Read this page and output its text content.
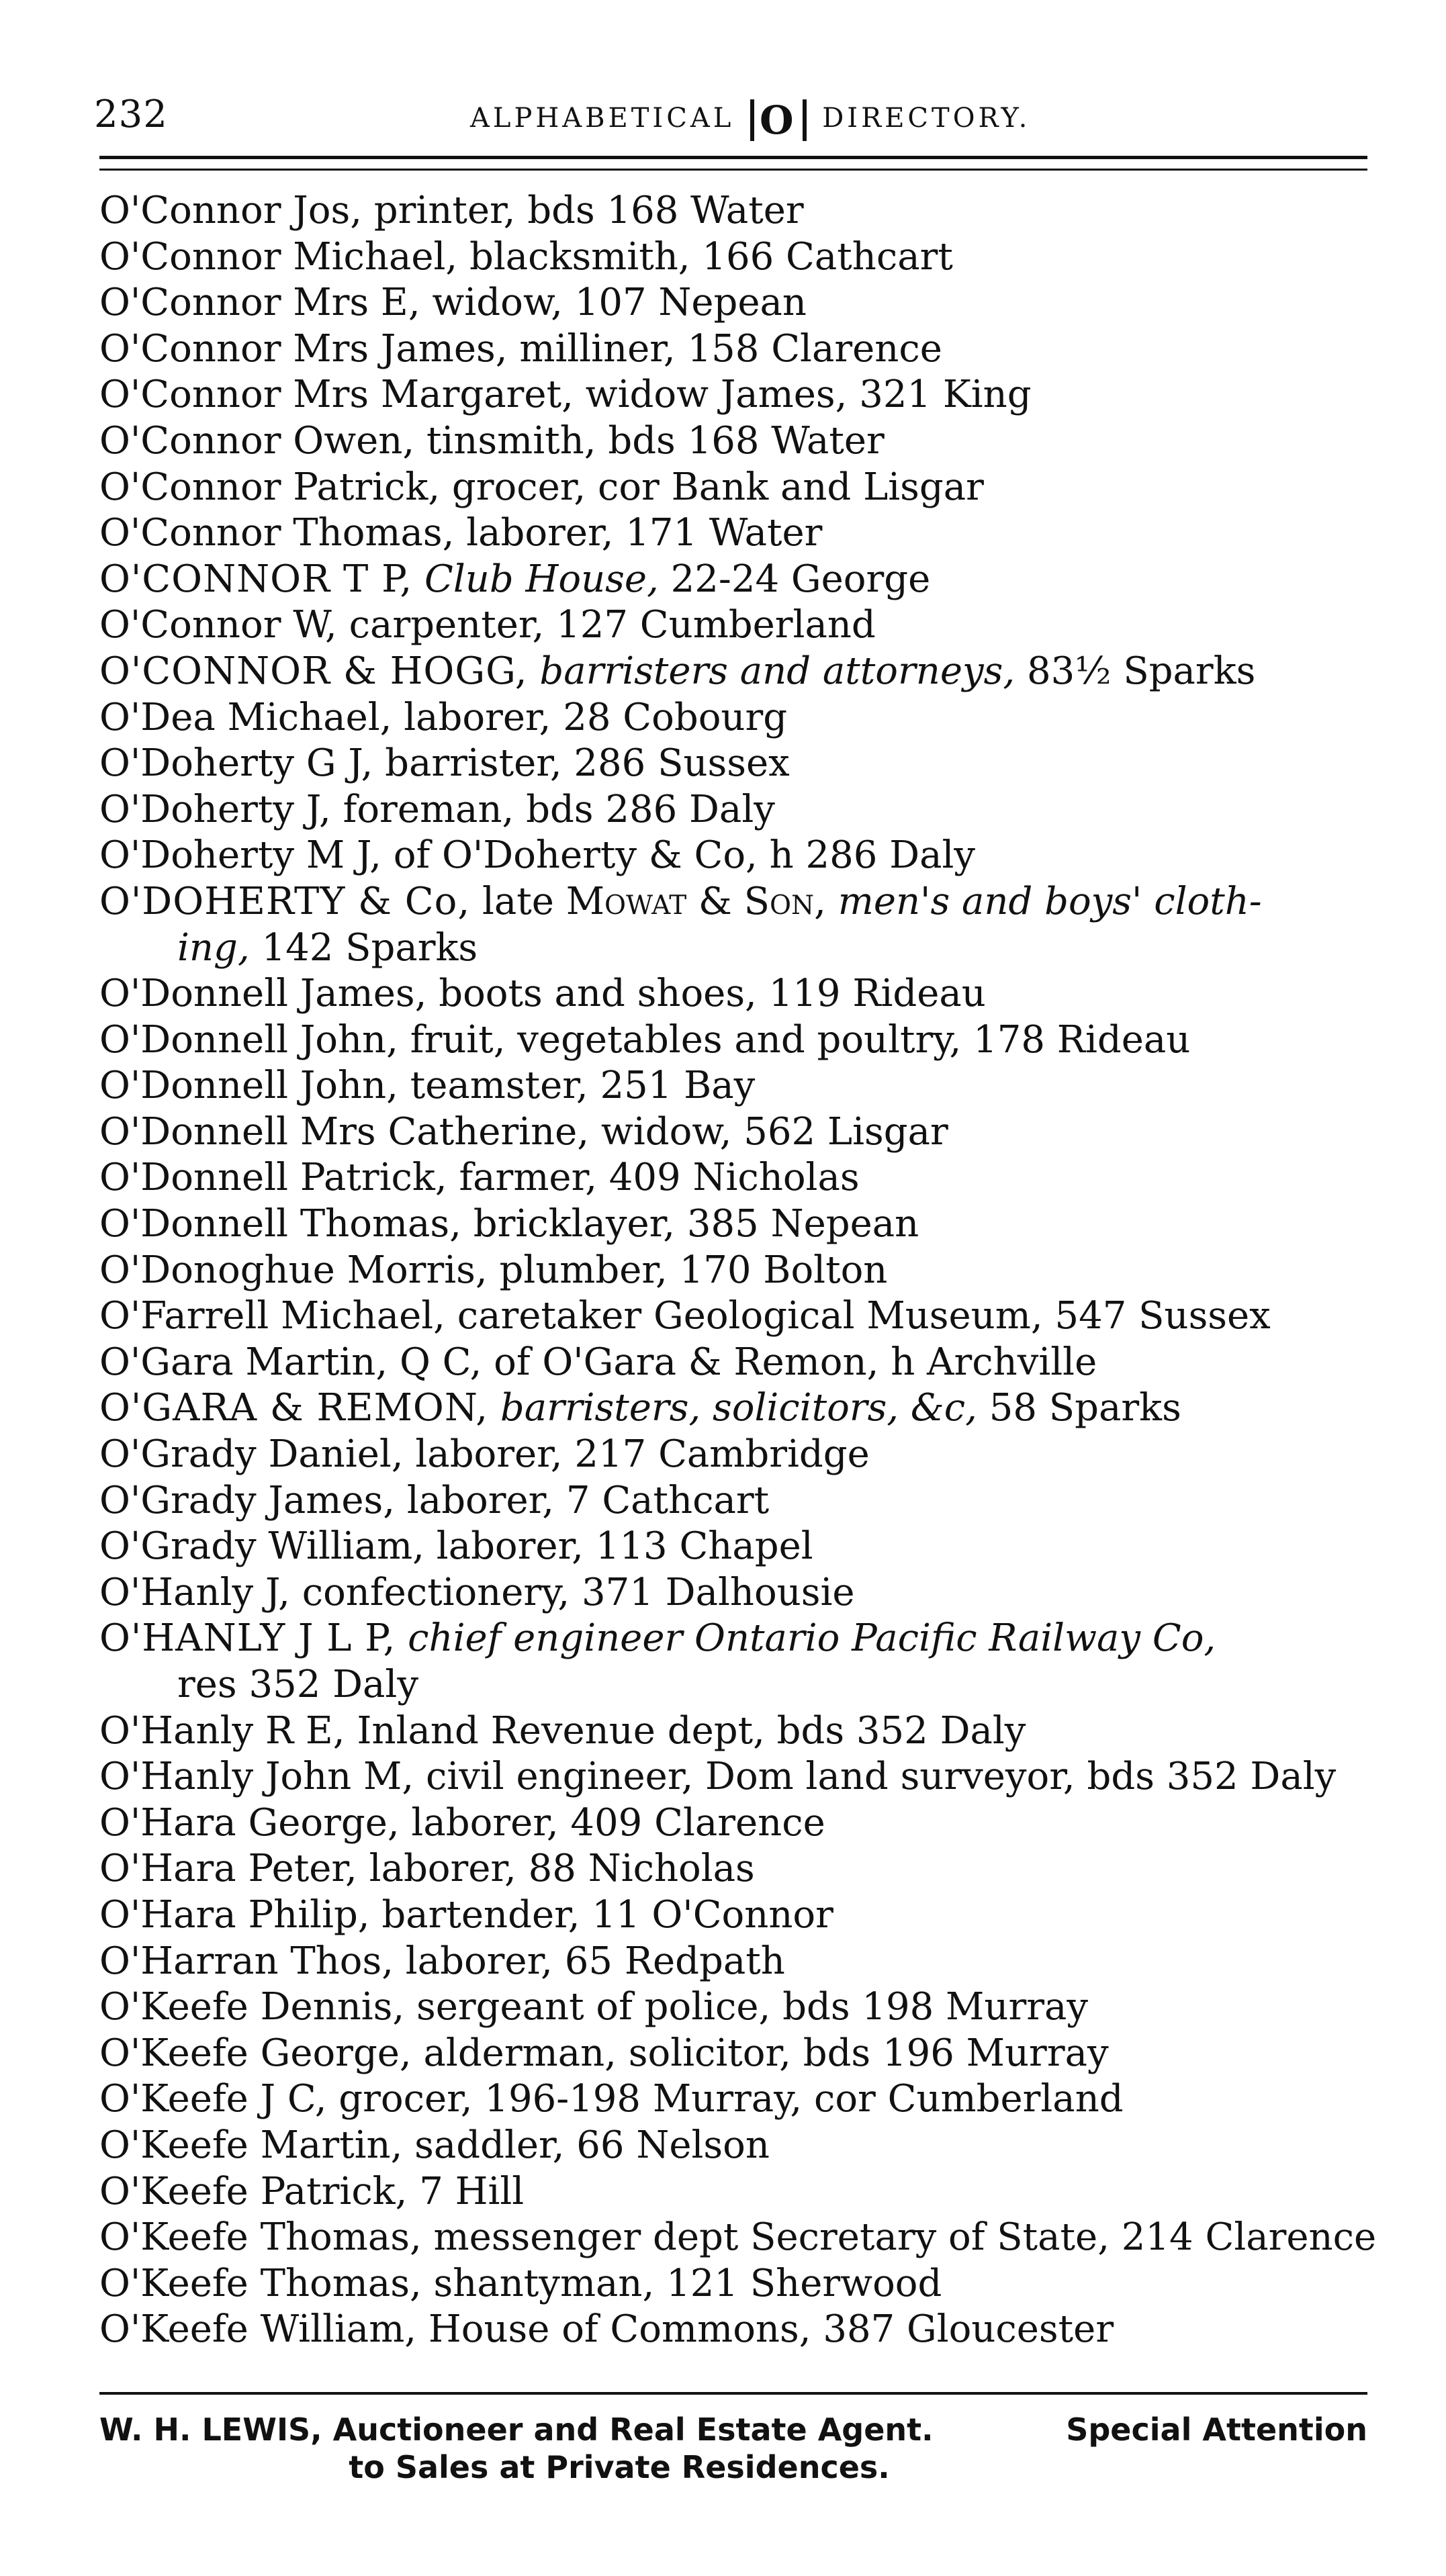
232	ALPHABETICAL O DIRECTORY.
O'Connor Jos, printer, bds 168 Water
O'Connor Michael, blacksmith, 166 Cathcart
O'Connor Mrs E, widow, 107 Nepean
O'Connor Mrs James, milliner, 158 Clarence
O'Connor Mrs Margaret, widow James, 321 King
O'Connor Owen, tinsmith, bds 168 Water
O'Connor Patrick, grocer, cor Bank and Lisgar
O'Connor Thomas, laborer, 171 Water
O'CONNOR T P, Club House, 22-24 George
O'Connor W, carpenter, 127 Cumberland
O'CONNOR & HOGG, barristers and attorneys, 83½ Sparks
O'Dea Michael, laborer, 28 Cobourg
O'Doherty G J, barrister, 286 Sussex
O'Doherty J, foreman, bds 286 Daly
O'Doherty M J, of O'Doherty & Co, h 286 Daly
O'DOHERTY & Co, late Mowat & Son, men's and boys' cloth-
ing, 142 Sparks
O'Donnell James, boots and shoes, 119 Rideau
O'Donnell John, fruit, vegetables and poultry, 178 Rideau
O'Donnell John, teamster, 251 Bay
O'Donnell Mrs Catherine, widow, 562 Lisgar
O'Donnell Patrick, farmer, 409 Nicholas
O'Donnell Thomas, bricklayer, 385 Nepean
O'Donoghue Morris, plumber, 170 Bolton
O'Farrell Michael, caretaker Geological Museum, 547 Sussex
O'Gara Martin, Q C, of O'Gara & Remon, h Archville
O'GARA & REMON, barristers, solicitors, &c, 58 Sparks
O'Grady Daniel, laborer, 217 Cambridge
O'Grady James, laborer, 7 Cathcart
O'Grady William, laborer, 113 Chapel
O'Hanly J, confectionery, 371 Dalhousie
O'HANLY J L P, chief engineer Ontario Pacific Railway Co,
res 352 Daly
O'Hanly R E, Inland Revenue dept, bds 352 Daly
O'Hanly John M, civil engineer, Dom land surveyor, bds 352 Daly
O'Hara George, laborer, 409 Clarence
O'Hara Peter, laborer, 88 Nicholas
O'Hara Philip, bartender, 11 O'Connor
O'Harran Thos, laborer, 65 Redpath
O'Keefe Dennis, sergeant of police, bds 198 Murray
O'Keefe George, alderman, solicitor, bds 196 Murray
O'Keefe J C, grocer, 196-198 Murray, cor Cumberland
O'Keefe Martin, saddler, 66 Nelson
O'Keefe Patrick, 7 Hill
O'Keefe Thomas, messenger dept Secretary of State, 214 Clarence
O'Keefe Thomas, shantyman, 121 Sherwood
O'Keefe William, House of Commons, 387 Gloucester
W. H. LEWIS, Auctioneer and Real Estate Agent.	Special Attention
to Sales at Private Residences.
